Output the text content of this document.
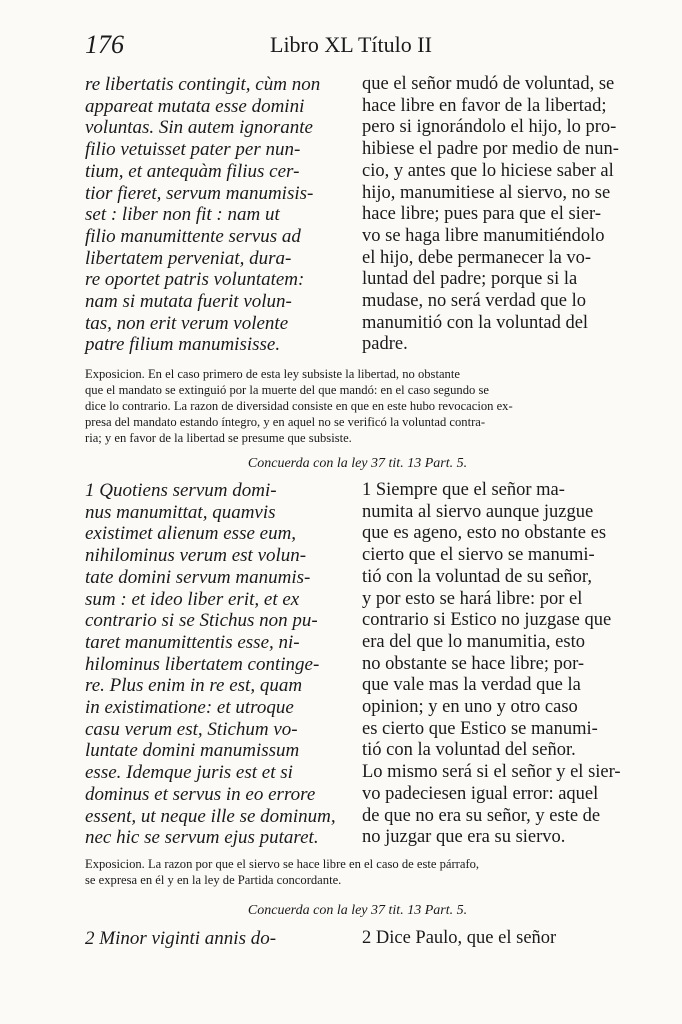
176	Libro XL Título II
re libertatis contingit, cùm non
appareat mutata esse domini
voluntas. Sin autem ignorante
filio vetuisset pater per nun-
tium, et antequàm filius cer-
tior fieret, servum manumisis-
set : liber non fit : nam ut
filio manumittente servus ad
libertatem perveniat, dura-
re oportet patris voluntatem:
nam si mutata fuerit volun-
tas, non erit verum volente
patre filium manumisisse.
que el señor mudó de voluntad, se
hace libre en favor de la libertad;
pero si ignorándolo el hijo, lo pro-
hibiese el padre por medio de nun-
cio, y antes que lo hiciese saber al
hijo, manumitiese al siervo, no se
hace libre; pues para que el sier-
vo se haga libre manumitiéndolo
el hijo, debe permanecer la vo-
luntad del padre; porque si la
mudase, no será verdad que lo
manumitió con la voluntad del
padre.
Exposicion. En el caso primero de esta ley subsiste la libertad, no obstante
que el mandato se extinguió por la muerte del que mandó: en el caso segundo se
dice lo contrario. La razon de diversidad consiste en que en este hubo revocacion ex-
presa del mandato estando íntegro, y en aquel no se verificó la voluntad contra-
ria; y en favor de la libertad se presume que subsiste.
Concuerda con la ley 37 tit. 13 Part. 5.
1 Quotiens servum domi-
nus manumittat, quamvis
existimet alienum esse eum,
nihilominus verum est volun-
tate domini servum manumis-
sum : et ideo liber erit, et ex
contrario si se Stichus non pu-
taret manumittentis esse, ni-
hilominus libertatem continge-
re. Plus enim in re est, quam
in existimatione: et utroque
casu verum est, Stichum vo-
luntate domini manumissum
esse. Idemque juris est et si
dominus et servus in eo errore
essent, ut neque ille se dominum,
nec hic se servum ejus putaret.
1 Siempre que el señor ma-
numita al siervo aunque juzgue
que es ageno, esto no obstante es
cierto que el siervo se manumi-
tió con la voluntad de su señor,
y por esto se hará libre: por el
contrario si Estico no juzgase que
era del que lo manumitia, esto
no obstante se hace libre; por-
que vale mas la verdad que la
opinion; y en uno y otro caso
es cierto que Estico se manumi-
tió con la voluntad del señor.
Lo mismo será si el señor y el sier-
vo padeciesen igual error: aquel
de que no era su señor, y este de
no juzgar que era su siervo.
Exposicion. La razon por que el siervo se hace libre en el caso de este párrafo,
se expresa en él y en la ley de Partida concordante.
Concuerda con la ley 37 tit. 13 Part. 5.
2 Minor viginti annis do-	2 Dice Paulo, que el señor
